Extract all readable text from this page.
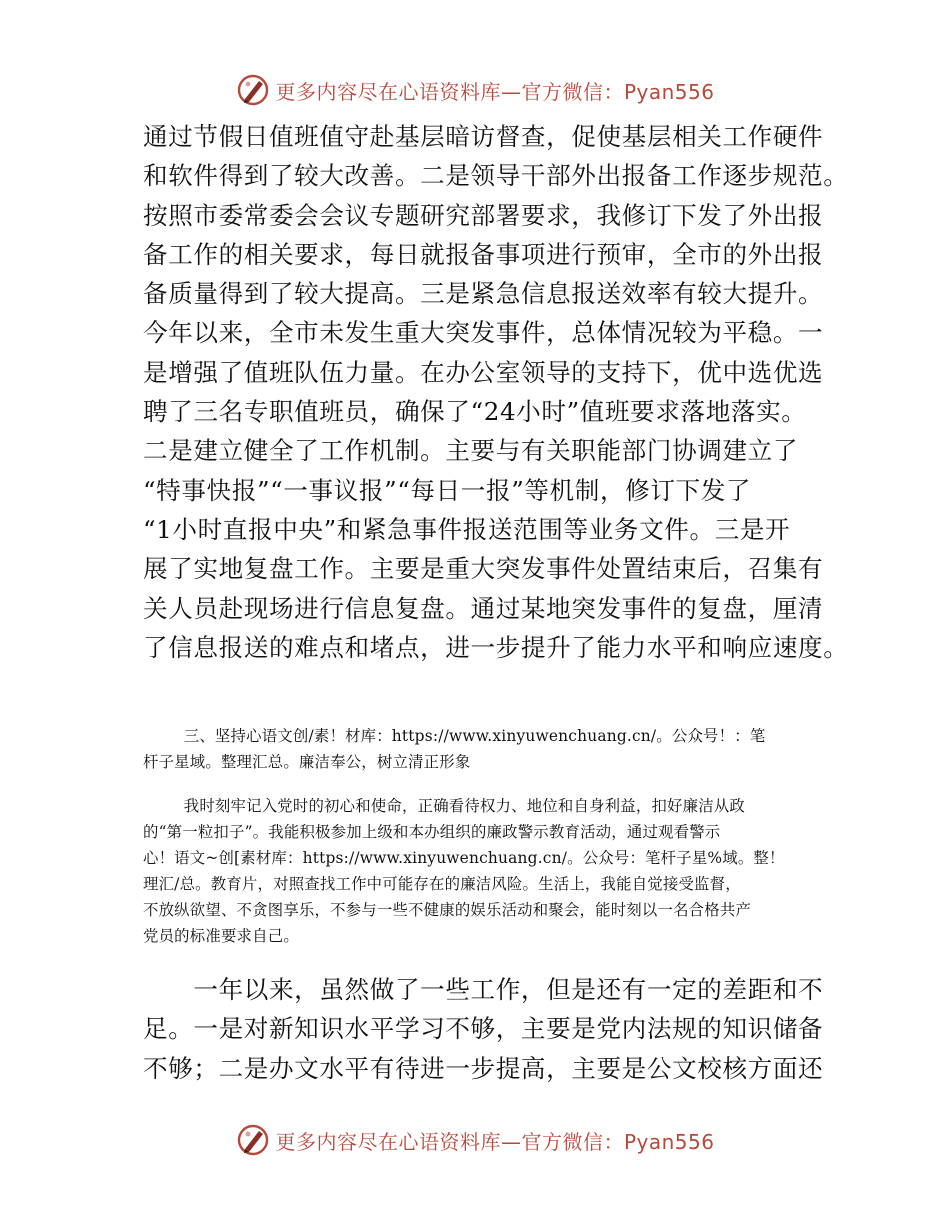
更多内容尽在心语资料库—官方微信：Pyan556
通过节假日值班值守赴基层暗访督查，促使基层相关工作硬件
和软件得到了较大改善。二是领导干部外出报备工作逐步规范。
按照市委常委会会议专题研究部署要求，我修订下发了外出报
备工作的相关要求，每日就报备事项进行预审，全市的外出报
备质量得到了较大提高。三是紧急信息报送效率有较大提升。
今年以来，全市未发生重大突发事件，总体情况较为平稳。一
是增强了值班队伍力量。在办公室领导的支持下，优中选优选
聘了三名专职值班员，确保了“24小时”值班要求落地落实。
二是建立健全了工作机制。主要与有关职能部门协调建立了
“特事快报”“一事议报”“每日一报”等机制，修订下发了
“1小时直报中央”和紧急事件报送范围等业务文件。三是开
展了实地复盘工作。主要是重大突发事件处置结束后，召集有
关人员赴现场进行信息复盘。通过某地突发事件的复盘，厘清
了信息报送的难点和堵点，进一步提升了能力水平和响应速度。
三、坚持心语文创/素！材库：https://www.xinyuwenchuang.cn/。公众号！：笔
杆子星域。整理汇总。廉洁奉公，树立清正形象
我时刻牢记入党时的初心和使命，正确看待权力、地位和自身利益，扣好廉洁从政
的“第一粒扣子”。我能积极参加上级和本办组织的廉政警示教育活动，通过观看警示
心！语文~创[素材库：https://www.xinyuwenchuang.cn/。公众号：笔杆子星%域。整！
理汇/总。教育片，对照查找工作中可能存在的廉洁风险。生活上，我能自觉接受监督，
不放纵欲望、不贪图享乐，不参与一些不健康的娱乐活动和聚会，能时刻以一名合格共产
党员的标准要求自己。
　　一年以来，虽然做了一些工作，但是还有一定的差距和不
足。一是对新知识水平学习不够，主要是党内法规的知识储备
不够；二是办文水平有待进一步提高，主要是公文校核方面还
更多内容尽在心语资料库—官方微信：Pyan556
